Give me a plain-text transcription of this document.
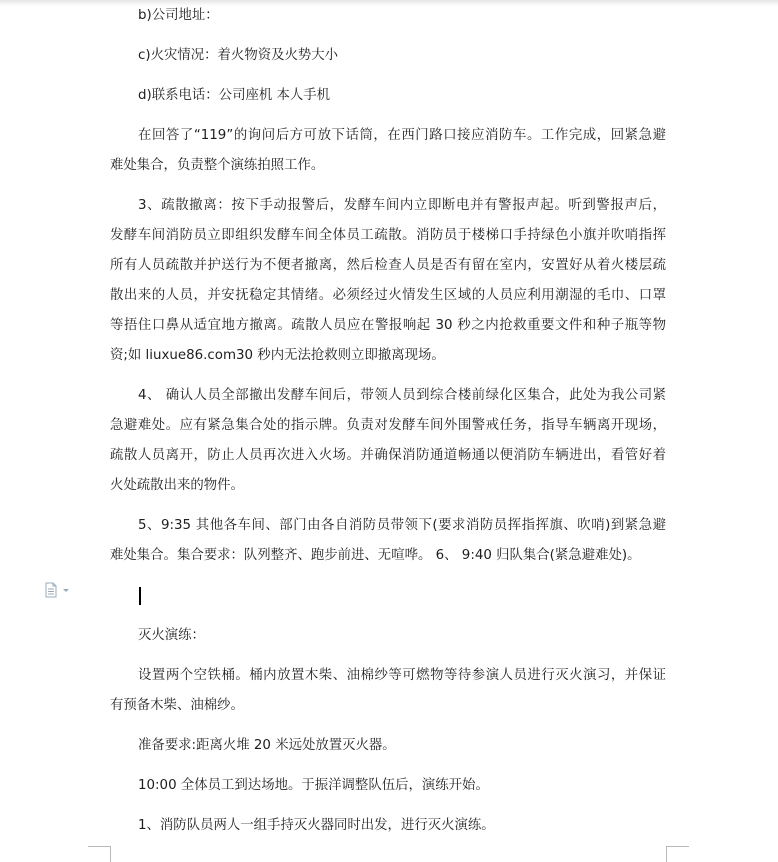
b)公司地址：
c)火灾情况：着火物资及火势大小
d)联系电话：公司座机 本人手机
在回答了“119”的询问后方可放下话筒，在西门路口接应消防车。工作完成，回紧急避
难处集合，负责整个演练拍照工作。
3、疏散撤离：按下手动报警后，发酵车间内立即断电并有警报声起。听到警报声后，
发酵车间消防员立即组织发酵车间全体员工疏散。消防员于楼梯口手持绿色小旗并吹哨指挥
所有人员疏散并护送行为不便者撤离，然后检查人员是否有留在室内，安置好从着火楼层疏
散出来的人员，并安抚稳定其情绪。必须经过火情发生区域的人员应利用潮湿的毛巾、口罩
等捂住口鼻从适宜地方撤离。疏散人员应在警报响起 30 秒之内抢救重要文件和种子瓶等物
资;如 liuxue86.com30 秒内无法抢救则立即撤离现场。
4、 确认人员全部撤出发酵车间后，带领人员到综合楼前绿化区集合，此处为我公司紧
急避难处。应有紧急集合处的指示牌。负责对发酵车间外围警戒任务，指导车辆离开现场，
疏散人员离开，防止人员再次进入火场。并确保消防通道畅通以便消防车辆进出，看管好着
火处疏散出来的物件。
5、9:35 其他各车间、部门由各自消防员带领下(要求消防员挥指挥旗、吹哨)到紧急避
难处集合。集合要求：队列整齐、跑步前进、无喧哗。 6、 9:40 归队集合(紧急避难处)。
灭火演练：
设置两个空铁桶。桶内放置木柴、油棉纱等可燃物等待参演人员进行灭火演习，并保证
有预备木柴、油棉纱。
准备要求:距离火堆 20 米远处放置灭火器。
10:00 全体员工到达场地。于振洋调整队伍后，演练开始。
1、消防队员两人一组手持灭火器同时出发，进行灭火演练。
